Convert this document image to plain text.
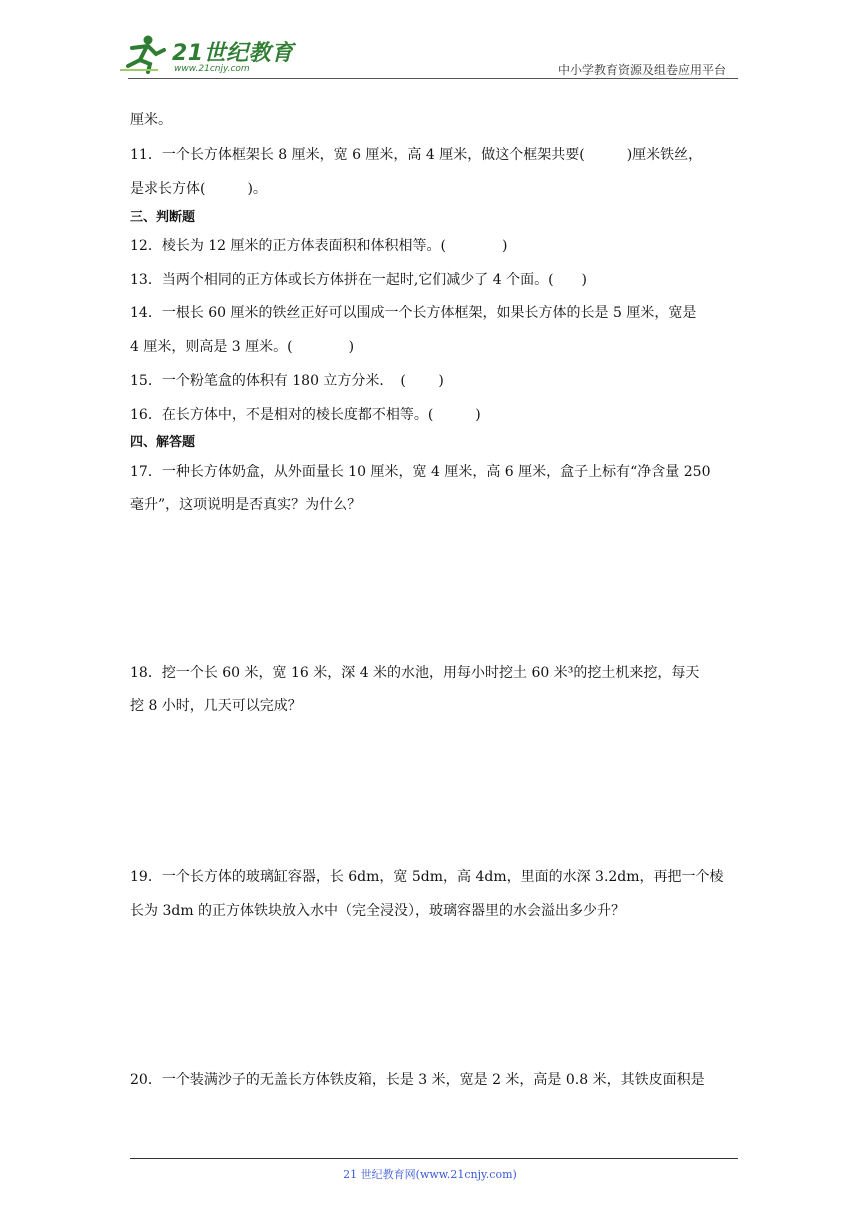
21世纪教育
www.21cnjy.com	中小学教育资源及组卷应用平台
厘米。
11．一个长方体框架长 8 厘米，宽 6 厘米，高 4 厘米，做这个框架共要(　　　)厘米铁丝，
是求长方体(　　　)。
三、判断题
12．棱长为 12 厘米的正方体表面积和体积相等。(　　　　)
13．当两个相同的正方体或长方体拼在一起时,它们减少了 4 个面。(　　)
14．一根长 60 厘米的铁丝正好可以围成一个长方体框架，如果长方体的长是 5 厘米，宽是
4 厘米，则高是 3 厘米。(　　　　)
15．一个粉笔盒的体积有 180 立方分米．　(　　 )
16．在长方体中，不是相对的棱长度都不相等。(　　　)
四、解答题
17．一种长方体奶盒，从外面量长 10 厘米，宽 4 厘米，高 6 厘米，盒子上标有“净含量 250
毫升”，这项说明是否真实？为什么？
18．挖一个长 60 米，宽 16 米，深 4 米的水池，用每小时挖土 60 米³的挖土机来挖，每天
挖 8 小时，几天可以完成？
19．一个长方体的玻璃缸容器，长 6dm，宽 5dm，高 4dm，里面的水深 3.2dm，再把一个棱
长为 3dm 的正方体铁块放入水中（完全浸没），玻璃容器里的水会溢出多少升？
20．一个装满沙子的无盖长方体铁皮箱，长是 3 米，宽是 2 米，高是 0.8 米，其铁皮面积是
21 世纪教育网(www.21cnjy.com)
